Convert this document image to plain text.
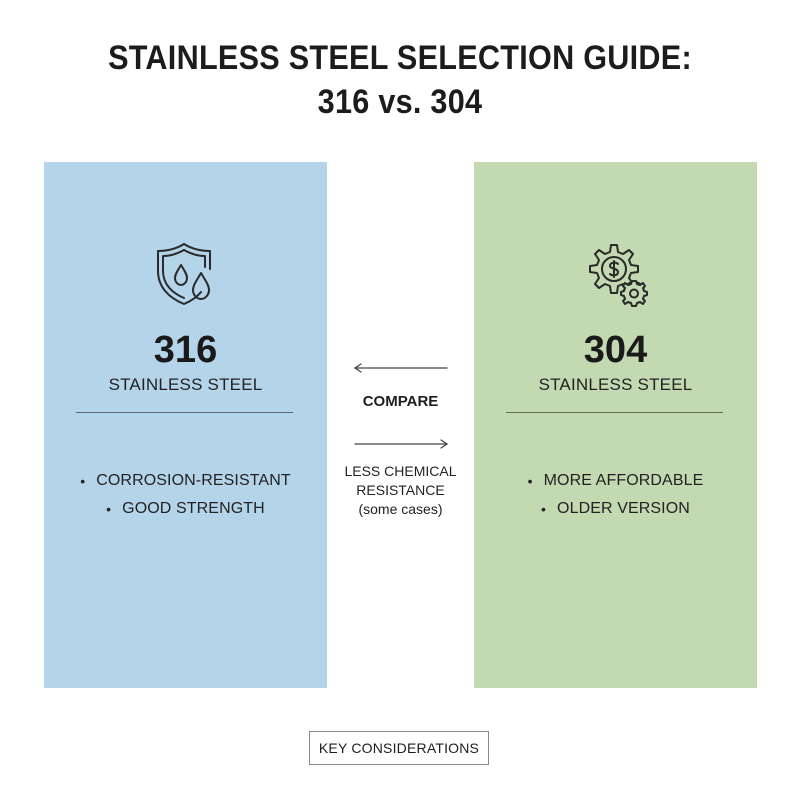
STAINLESS STEEL SELECTION GUIDE:
316 vs. 304
316
STAINLESS STEEL
• CORROSION-RESISTANT
• GOOD STRENGTH
COMPARE
LESS CHEMICAL
RESISTANCE
(some cases)
304
STAINLESS STEEL
• MORE AFFORDABLE
• OLDER VERSION
KEY CONSIDERATIONS
